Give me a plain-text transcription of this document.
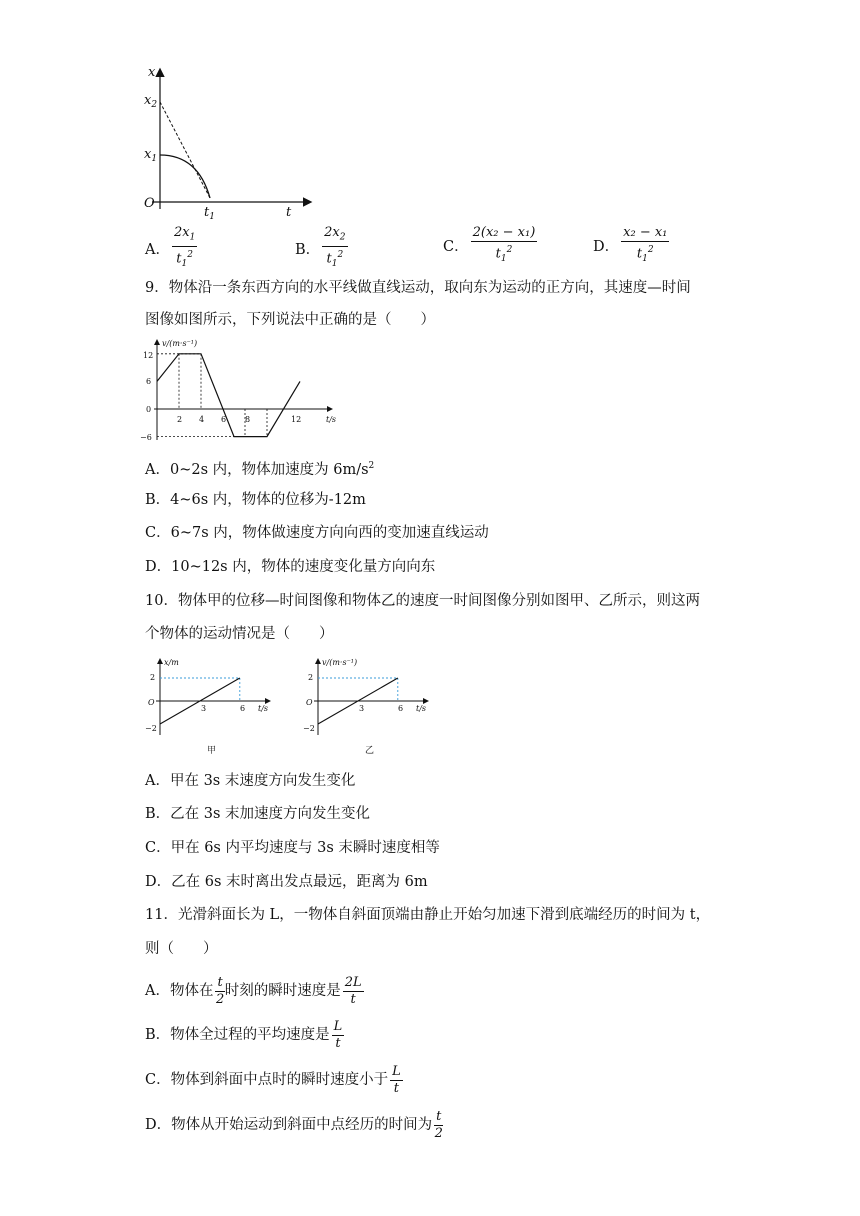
x
$x_2$
$x_1$
O
$t_1$	t
A． $\frac{2x_1}{t_1^2}$	B． $\frac{2x_2}{t_1^2}$	C． $\frac{\text{2(x₂ − x₁)}}{t_1^2}$	D． $\frac{\text{x₂ − x₁}}{t_1^2}$
9．物体沿一条东西方向的水平线做直线运动，取向东为运动的正方向，其速度—时间
图像如图所示，下列说法中正确的是（　　）
v/(m·s⁻¹)
t/s
12
6
0
−6
2 4 6 8	12
A．0~2s 内，物体加速度为 $6m/s^2$
B．4~6s 内，物体的位移为-12m
C．6~7s 内，物体做速度方向向西的变加速直线运动
D．10~12s 内，物体的速度变化量方向向东
10．物体甲的位移—时间图像和物体乙的速度一时间图像分别如图甲、乙所示，则这两
个物体的运动情况是（　　）
x/m
t/s
2
O
−2
3	6
甲
v/(m·s⁻¹)
t/s
2
O
−2
3	6
乙
A．甲在 3s 末速度方向发生变化
B．乙在 3s 末加速度方向发生变化
C．甲在 6s 内平均速度与 3s 末瞬时速度相等
D．乙在 6s 末时离出发点最远，距离为 6m
11．光滑斜面长为 L，一物体自斜面顶端由静止开始匀加速下滑到底端经历的时间为 t，
则（　　）
A．物体在 $\frac{t}{2}$ 时刻的瞬时速度是 $\frac{2L}{t}$
B．物体全过程的平均速度是 $\frac{L}{t}$
C．物体到斜面中点时的瞬时速度小于 $\frac{L}{t}$
D．物体从开始运动到斜面中点经历的时间为 $\frac{t}{2}$
